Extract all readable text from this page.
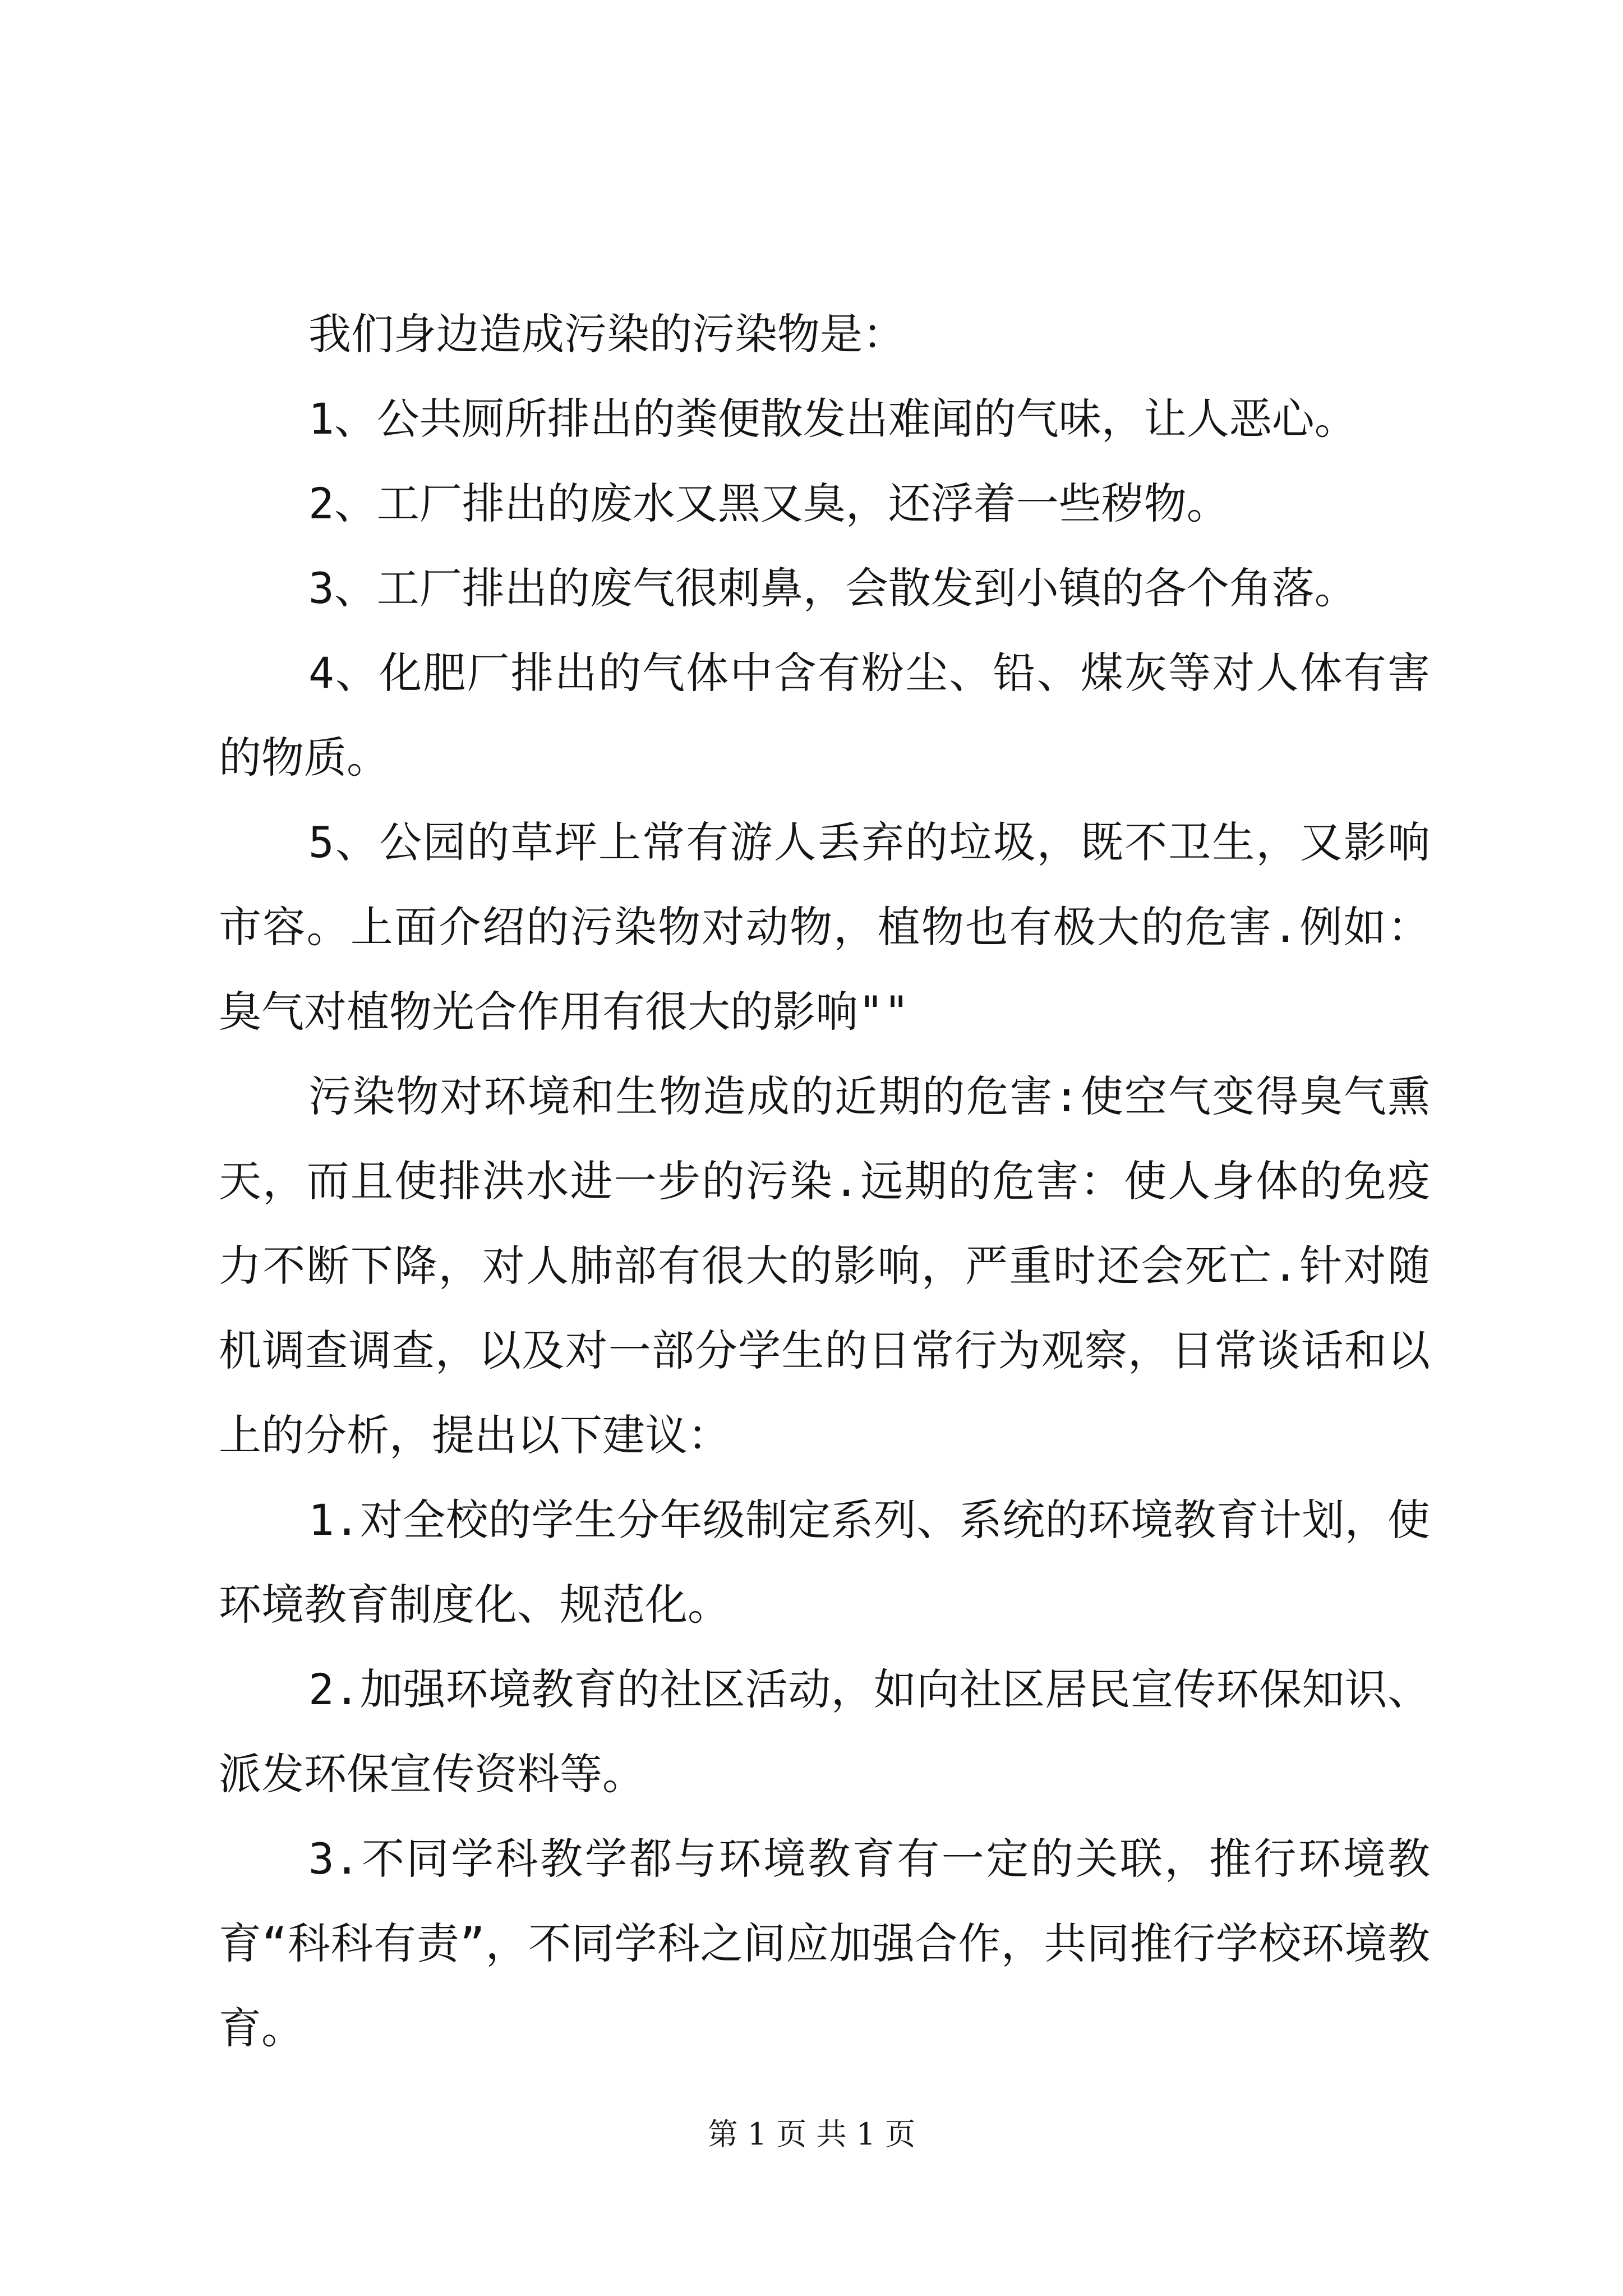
我们身边造成污染的污染物是：

1、公共厕所排出的粪便散发出难闻的气味，让人恶心。

2、工厂排出的废水又黑又臭，还浮着一些秽物。

3、工厂排出的废气很刺鼻，会散发到小镇的各个角落。

4、化肥厂排出的气体中含有粉尘、铅、煤灰等对人体有害的物质。

5、公园的草坪上常有游人丢弃的垃圾，既不卫生，又影响市容。上面介绍的污染物对动物，植物也有极大的危害.例如：臭气对植物光合作用有很大的影响""

污染物对环境和生物造成的近期的危害:使空气变得臭气熏天，而且使排洪水进一步的污染.远期的危害：使人身体的免疫力不断下降，对人肺部有很大的影响，严重时还会死亡.针对随机调查调查，以及对一部分学生的日常行为观察，日常谈话和以上的分析，提出以下建议：

1.对全校的学生分年级制定系列、系统的环境教育计划，使环境教育制度化、规范化。

2.加强环境教育的社区活动，如向社区居民宣传环保知识、派发环保宣传资料等。

3.不同学科教学都与环境教育有一定的关联，推行环境教育“科科有责”，不同学科之间应加强合作，共同推行学校环境教育。

第 1 页 共 1 页
